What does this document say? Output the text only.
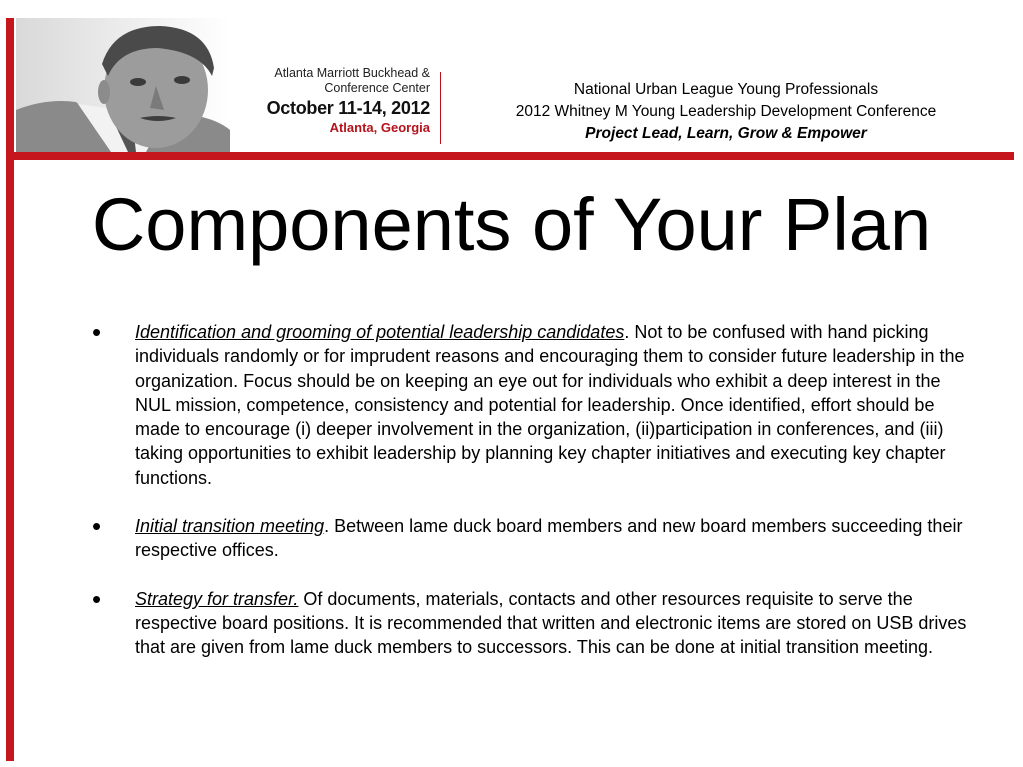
Atlanta Marriott Buckhead &
Conference Center
October 11-14, 2012
Atlanta, Georgia
National Urban League Young Professionals
2012 Whitney M Young Leadership Development Conference
Project Lead, Learn, Grow & Empower
Components of Your Plan
• Identification and grooming of potential leadership candidates. Not to be confused with hand picking individuals randomly or for imprudent reasons and encouraging them to consider future leadership in the organization. Focus should be on keeping an eye out for individuals who exhibit a deep interest in the NUL mission, competence, consistency and potential for leadership. Once identified, effort should be made to encourage (i) deeper involvement in the organization, (ii)participation in conferences, and (iii) taking opportunities to exhibit leadership by planning key chapter initiatives and executing key chapter functions.
• Initial transition meeting. Between lame duck board members and new board members succeeding their respective offices.
• Strategy for transfer. Of documents, materials, contacts and other resources requisite to serve the respective board positions. It is recommended that written and electronic items are stored on USB drives that are given from lame duck members to successors. This can be done at initial transition meeting.
